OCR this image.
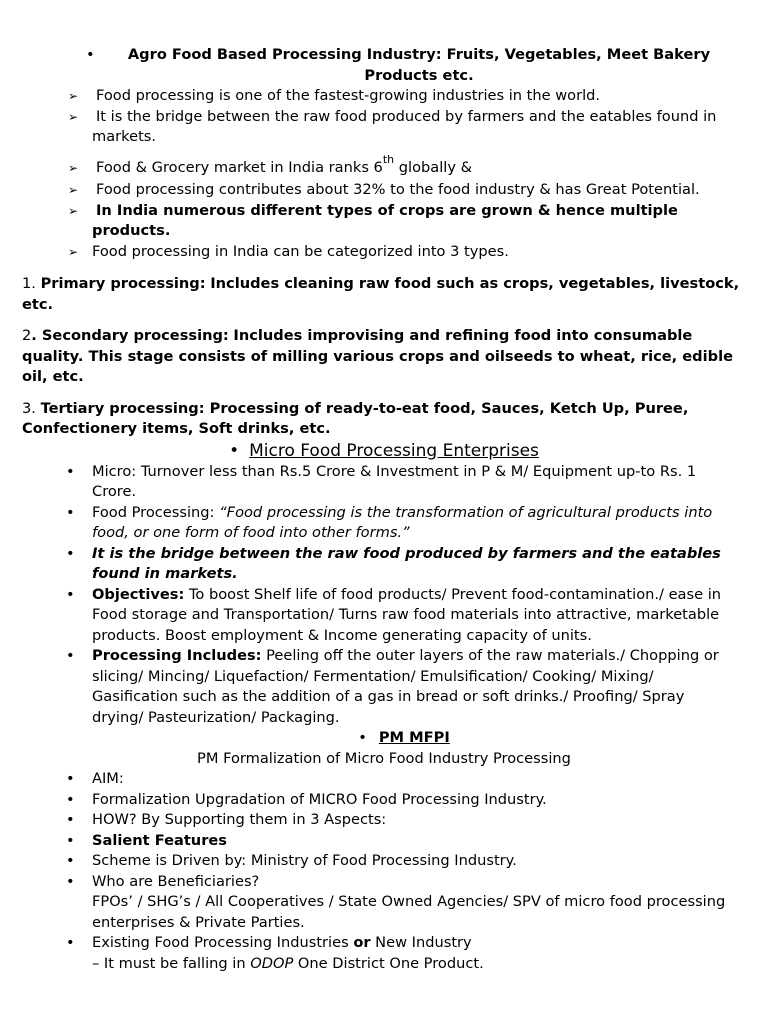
• Agro Food Based Processing Industry: Fruits, Vegetables, Meet Bakery Products etc.

➢ Food processing is one of the fastest-growing industries in the world.
➢ It is the bridge between the raw food produced by farmers and the eatables found in markets.
➢ Food & Grocery market in India ranks 6th globally &
➢ Food processing contributes about 32% to the food industry & has Great Potential.
➢ In India numerous different types of crops are grown & hence multiple products.
➢ Food processing in India can be categorized into 3 types.

1. Primary processing: Includes cleaning raw food such as crops, vegetables, livestock, etc.

2. Secondary processing: Includes improvising and refining food into consumable quality. This stage consists of milling various crops and oilseeds to wheat, rice, edible oil, etc.

3. Tertiary processing: Processing of ready-to-eat food, Sauces, Ketch Up, Puree, Confectionery items, Soft drinks, etc.

• Micro Food Processing Enterprises

• Micro: Turnover less than Rs.5 Crore & Investment in P & M/ Equipment up-to Rs. 1 Crore.
• Food Processing: “Food processing is the transformation of agricultural products into food, or one form of food into other forms.”
• It is the bridge between the raw food produced by farmers and the eatables found in markets.
• Objectives: To boost Shelf life of food products/ Prevent food-contamination./ ease in Food storage and Transportation/ Turns raw food materials into attractive, marketable products. Boost employment & Income generating capacity of units.
• Processing Includes: Peeling off the outer layers of the raw materials./ Chopping or slicing/ Mincing/ Liquefaction/ Fermentation/ Emulsification/ Cooking/ Mixing/ Gasification such as the addition of a gas in bread or soft drinks./ Proofing/ Spray drying/ Pasteurization/ Packaging.

• PM MFPI

PM Formalization of Micro Food Industry Processing

• AIM:
• Formalization Upgradation of MICRO Food Processing Industry.
• HOW? By Supporting them in 3 Aspects:
• Salient Features
• Scheme is Driven by: Ministry of Food Processing Industry.
• Who are Beneficiaries?
FPOs’ / SHG’s / All Cooperatives / State Owned Agencies/ SPV of micro food processing enterprises & Private Parties.
• Existing Food Processing Industries or New Industry
– It must be falling in ODOP One District One Product.
